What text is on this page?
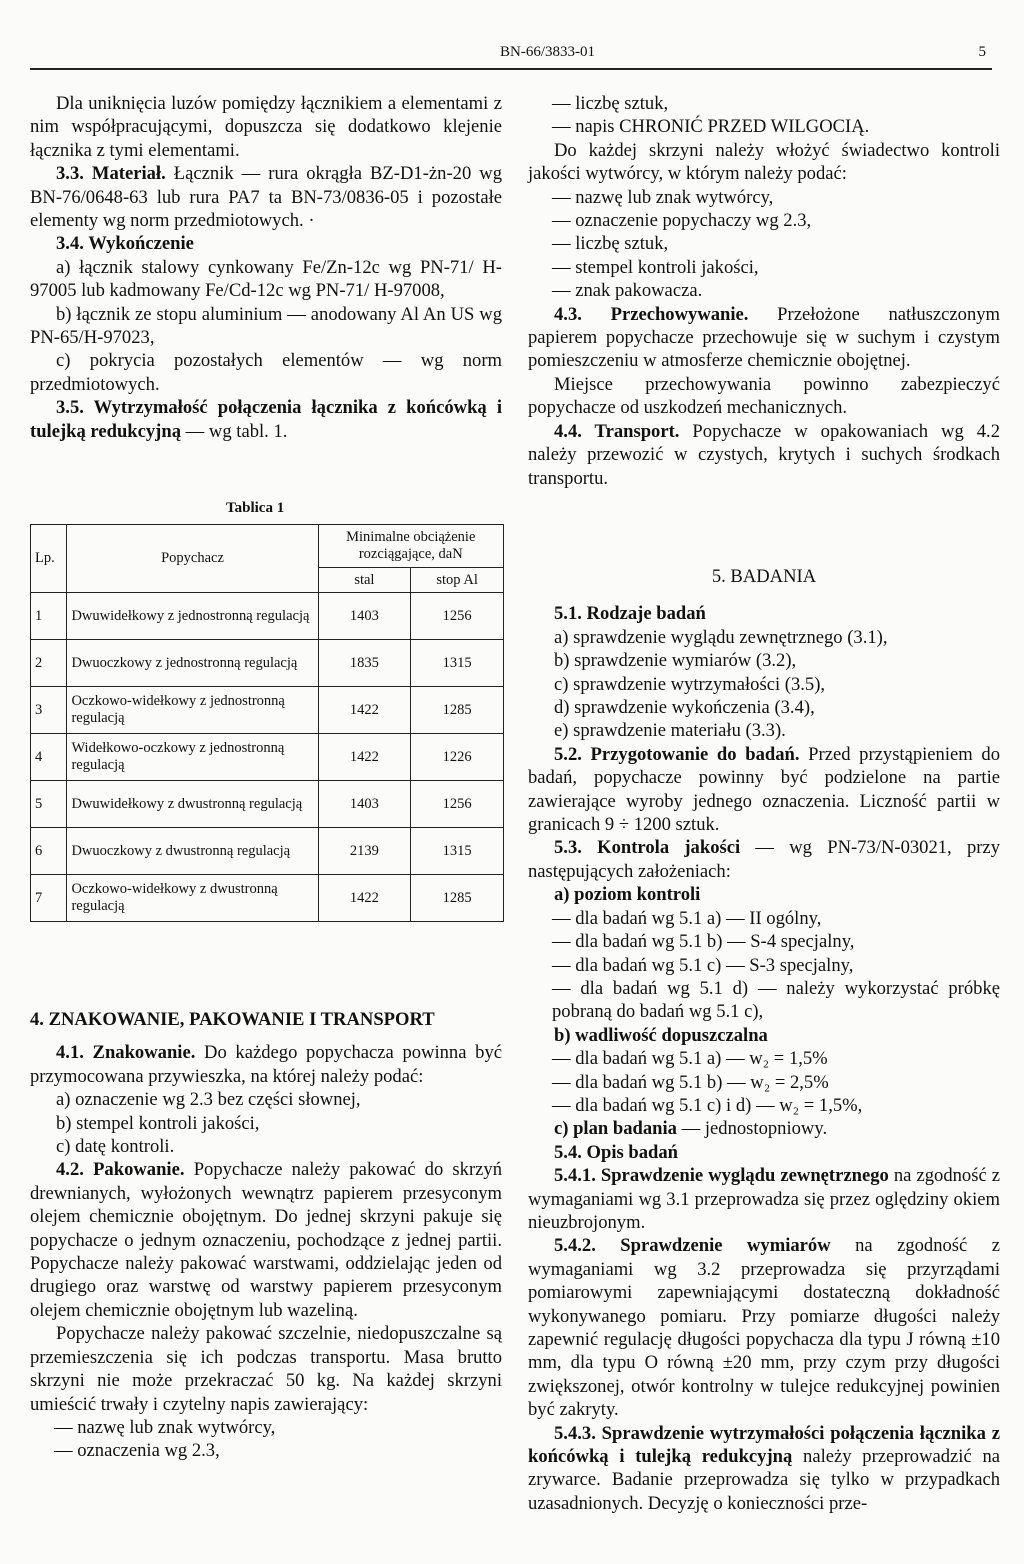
BN-66/3833-01	5

Dla uniknięcia luzów pomiędzy łącznikiem a elementami z nim współpracującymi, dopuszcza się dodatkowo klejenie łącznika z tymi elementami.

3.3. Materiał. Łącznik — rura okrągła BZ-D1-żn-20 wg BN-76/0648-63 lub rura PA7 ta BN-73/0836-05 i pozostałe elementy wg norm przedmiotowych. ·

3.4. Wykończenie

a) łącznik stalowy cynkowany Fe/Zn-12c wg PN-71/ H-97005 lub kadmowany Fe/Cd-12c wg PN-71/ H-97008,

b) łącznik ze stopu aluminium — anodowany Al An US wg PN-65/H-97023,

c) pokrycia pozostałych elementów — wg norm przedmiotowych.

3.5. Wytrzymałość połączenia łącznika z końcówką i tulejką redukcyjną — wg tabl. 1.

— liczbę sztuk,

— napis CHRONIĆ PRZED WILGOCIĄ.

Do każdej skrzyni należy włożyć świadectwo kontroli jakości wytwórcy, w którym należy podać:

— nazwę lub znak wytwórcy,

— oznaczenie popychaczy wg 2.3,

— liczbę sztuk,

— stempel kontroli jakości,

— znak pakowacza.

4.3. Przechowywanie. Przełożone natłuszczonym papierem popychacze przechowuje się w suchym i czystym pomieszczeniu w atmosferze chemicznie obojętnej.

Miejsce przechowywania powinno zabezpieczyć popychacze od uszkodzeń mechanicznych.

4.4. Transport. Popychacze w opakowaniach wg 4.2 należy przewozić w czystych, krytych i suchych środkach transportu.

Tablica 1
Lp.	Popychacz	Minimalne obciążenie rozciągające, daN	
		stal	stop Al
1	Dwuwidełkowy z jednostronną regulacją	1403	1256
2	Dwuoczkowy z jednostronną regulacją	1835	1315
3	Oczkowo-widełkowy z jednostronną regulacją	1422	1285
4	Widełkowo-oczkowy z jednostronną regulacją	1422	1226
5	Dwuwidełkowy z dwustronną regulacją	1403	1256
6	Dwuoczkowy z dwustronną regulacją	2139	1315
7	Oczkowo-widełkowy z dwustronną regulacją	1422	1285
4. ZNAKOWANIE, PAKOWANIE I TRANSPORT

4.1. Znakowanie. Do każdego popychacza powinna być przymocowana przywieszka, na której należy podać:

a) oznaczenie wg 2.3 bez części słownej,

b) stempel kontroli jakości,

c) datę kontroli.

4.2. Pakowanie. Popychacze należy pakować do skrzyń drewnianych, wyłożonych wewnątrz papierem przesyconym olejem chemicznie obojętnym. Do jednej skrzyni pakuje się popychacze o jednym oznaczeniu, pochodzące z jednej partii. Popychacze należy pakować warstwami, oddzielając jeden od drugiego oraz warstwę od warstwy papierem przesyconym olejem chemicznie obojętnym lub wazeliną.

Popychacze należy pakować szczelnie, niedopuszczalne są przemieszczenia się ich podczas transportu. Masa brutto skrzyni nie może przekraczać 50 kg. Na każdej skrzyni umieścić trwały i czytelny napis zawierający:

— nazwę lub znak wytwórcy,

— oznaczenia wg 2.3,

5. BADANIA

5.1. Rodzaje badań

a) sprawdzenie wyglądu zewnętrznego (3.1),

b) sprawdzenie wymiarów (3.2),

c) sprawdzenie wytrzymałości (3.5),

d) sprawdzenie wykończenia (3.4),

e) sprawdzenie materiału (3.3).

5.2. Przygotowanie do badań. Przed przystąpieniem do badań, popychacze powinny być podzielone na partie zawierające wyroby jednego oznaczenia. Liczność partii w granicach 9 ÷ 1200 sztuk.

5.3. Kontrola jakości — wg PN-73/N-03021, przy następujących założeniach:

a) poziom kontroli

— dla badań wg 5.1 a) — II ogólny,

— dla badań wg 5.1 b) — S-4 specjalny,

— dla badań wg 5.1 c) — S-3 specjalny,

— dla badań wg 5.1 d) — należy wykorzystać próbkę pobraną do badań wg 5.1 c),

b) wadliwość dopuszczalna

— dla badań wg 5.1 a) — w₂ = 1,5%

— dla badań wg 5.1 b) — w₂ = 2,5%

— dla badań wg 5.1 c) i d) — w₂ = 1,5%,

c) plan badania — jednostopniowy.

5.4. Opis badań

5.4.1. Sprawdzenie wyglądu zewnętrznego na zgodność z wymaganiami wg 3.1 przeprowadza się przez oględziny okiem nieuzbrojonym.

5.4.2. Sprawdzenie wymiarów na zgodność z wymaganiami wg 3.2 przeprowadza się przyrządami pomiarowymi zapewniającymi dostateczną dokładność wykonywanego pomiaru. Przy pomiarze długości należy zapewnić regulację długości popychacza dla typu J równą ±10 mm, dla typu O równą ±20 mm, przy czym przy długości zwiększonej, otwór kontrolny w tulejce redukcyjnej powinien być zakryty.

5.4.3. Sprawdzenie wytrzymałości połączenia łącznika z końcówką i tulejką redukcyjną należy przeprowadzić na zrywarce. Badanie przeprowadza się tylko w przypadkach uzasadnionych. Decyzję o konieczności prze-
